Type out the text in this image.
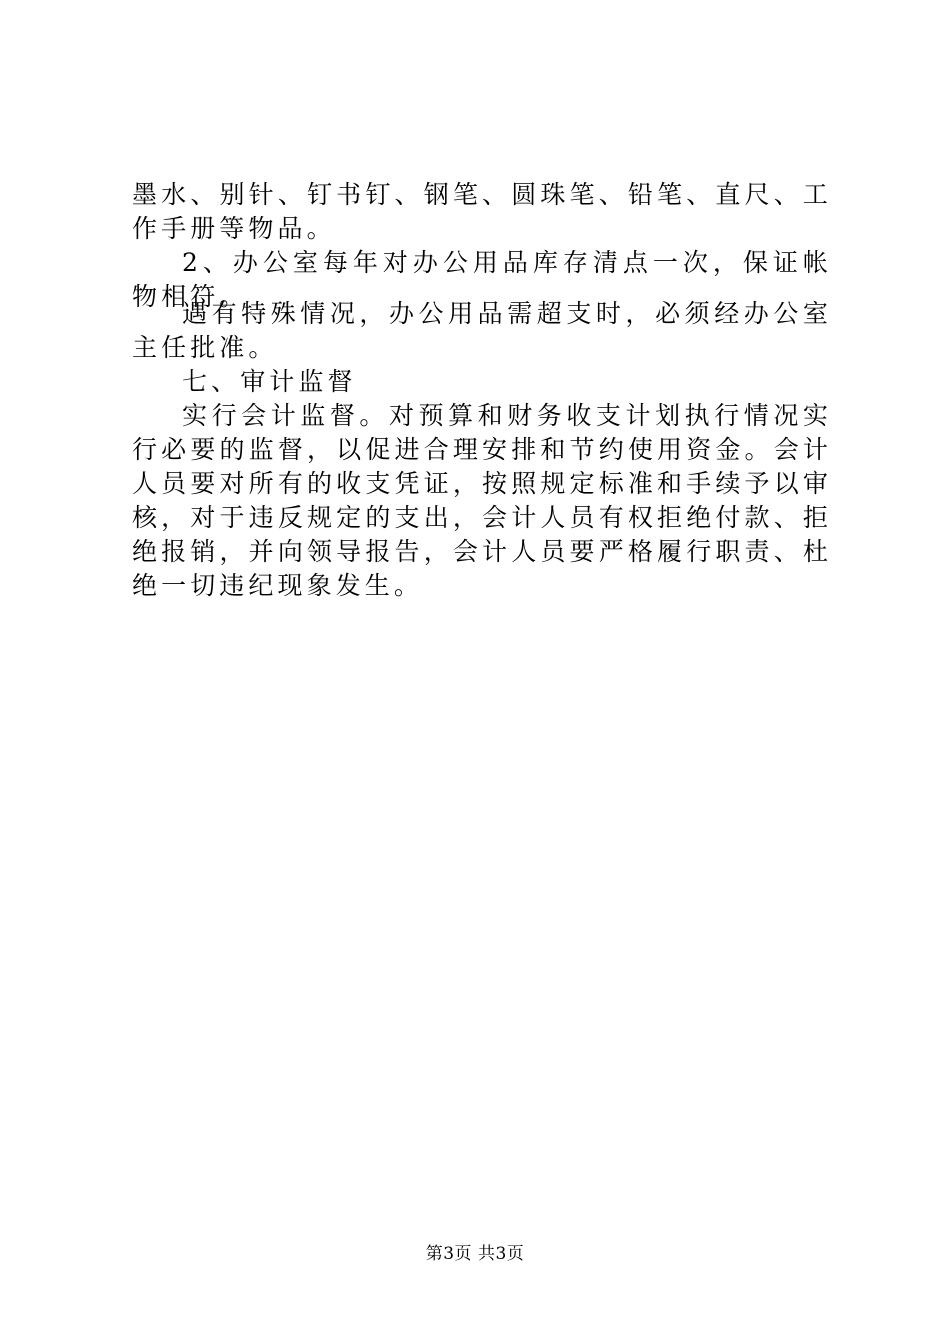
墨水、别针、钉书钉、钢笔、圆珠笔、铅笔、直尺、工作手册等物品。

2、办公室每年对办公用品库存清点一次，保证帐物相符。

遇有特殊情况，办公用品需超支时，必须经办公室主任批准。

七、审计监督

实行会计监督。对预算和财务收支计划执行情况实行必要的监督，以促进合理安排和节约使用资金。会计人员要对所有的收支凭证，按照规定标准和手续予以审核，对于违反规定的支出，会计人员有权拒绝付款、拒绝报销，并向领导报告，会计人员要严格履行职责、杜绝一切违纪现象发生。

第3页 共3页
